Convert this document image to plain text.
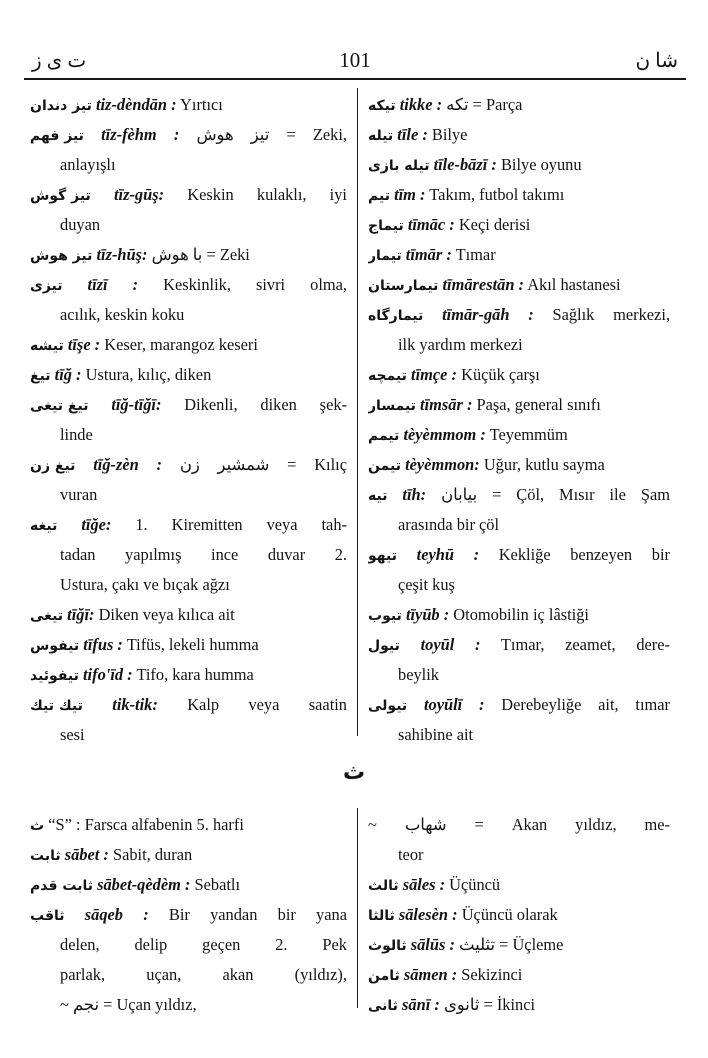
ت ى ز	101	شا ن
تيز دندان tiz-dèndān : Yırtıcı
تيز فهم tīz-fèhm : تيز هوش = Zeki,
anlayışlı
تيز گوش tīz-gūş: Keskin kulaklı, iyi
duyan
تيز هوش tīz-hūş: با هوش = Zeki
تيزى tīzī : Keskinlik, sivri olma,
acılık, keskin koku
تيشه tīşe : Keser, marangoz keseri
تيغ tīğ : Ustura, kılıç, diken
تيغ تيغى tīğ-tīğī: Dikenli, diken şek-
linde
تيغ زن tīğ-zèn : شمشير زن = Kılıç
vuran
تيغه tīğe: 1. Kiremitten veya tah-
tadan yapılmış ince duvar 2.
Ustura, çakı ve bıçak ağzı
تيغى tīğī: Diken veya kılıca ait
تيفوس tīfus : Tifüs, lekeli humma
تيفوئيد tifo'īd : Tifo, kara humma
تيك تيك tik-tik: Kalp veya saatin
sesi
تيكه tikke : تكه = Parça
تيله tīle : Bilye
تيله بازى tīle-bāzī : Bilye oyunu
تيم tīm : Takım, futbol takımı
تيماج tīmāc : Keçi derisi
تيمار tīmār : Tımar
تيمارستان tīmārestān : Akıl hastanesi
تيمارگاه tīmār-gāh : Sağlık merkezi,
ilk yardım merkezi
تيمچه tīmçe : Küçük çarşı
تيمسار tīmsār : Paşa, general sınıfı
تيمم tèyèmmom : Teyemmüm
تيمن tèyèmmon: Uğur, kutlu sayma
تيه tīh: بيابان = Çöl, Mısır ile Şam
arasında bir çöl
تيهو teyhū : Kekliğe benzeyen bir
çeşit kuş
تيوب tīyūb : Otomobilin iç lâstiği
تيول toyūl : Tımar, zeamet, dere-
beylik
تيولى toyūlī : Derebeyliğe ait, tımar
sahibine ait
ث
ث “S” : Farsca alfabenin 5. harfi
ثابت sābet : Sabit, duran
ثابت قدم sābet-qèdèm : Sebatlı
ثاقب sāqeb : Bir yandan bir yana
delen, delip geçen 2. Pek
parlak, uçan, akan (yıldız),
~ نجم = Uçan yıldız,
~ شهاب = Akan yıldız, me-
teor
ثالث sāles : Üçüncü
ثالثا sālesèn : Üçüncü olarak
ثالوث sālūs : تثليث = Üçleme
ثامن sāmen : Sekizinci
ثانى sānī : ثانوى = İkinci
